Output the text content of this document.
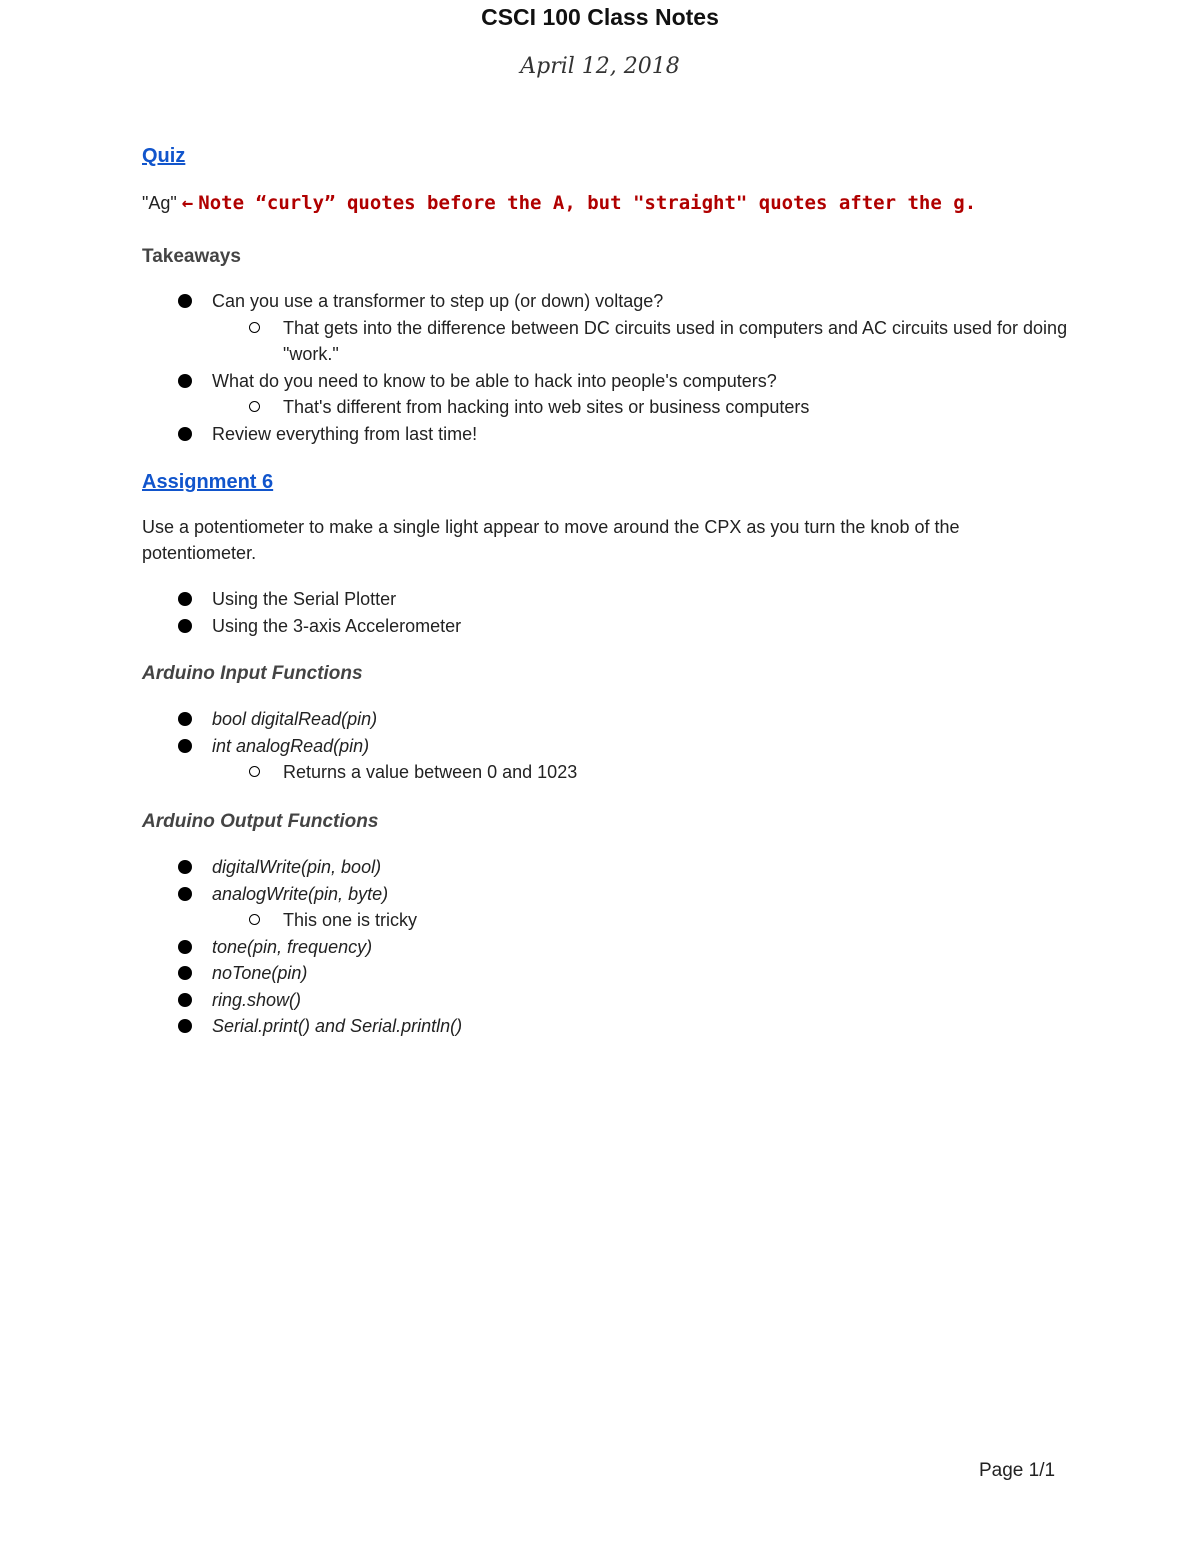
CSCI 100 Class Notes

April 12, 2018

Quiz
"Ag" ← Note “curly” quotes before the A, but "straight" quotes after the g.
Takeaways
Can you use a transformer to step up (or down) voltage?
That gets into the difference between DC circuits used in computers and AC circuits used for doing "work."
What do you need to know to be able to hack into people's computers?
That's different from hacking into web sites or business computers
Review everything from last time!
Assignment 6

Use a potentiometer to make a single light appear to move around the CPX as you turn the knob of the potentiometer.

Using the Serial Plotter
Using the 3-axis Accelerometer
Arduino Input Functions
bool digitalRead(pin)
int analogRead(pin)
Returns a value between 0 and 1023
Arduino Output Functions
digitalWrite(pin, bool)
analogWrite(pin, byte)
This one is tricky
tone(pin, frequency)
noTone(pin)
ring.show()
Serial.print() and Serial.println()
Page 1/1
